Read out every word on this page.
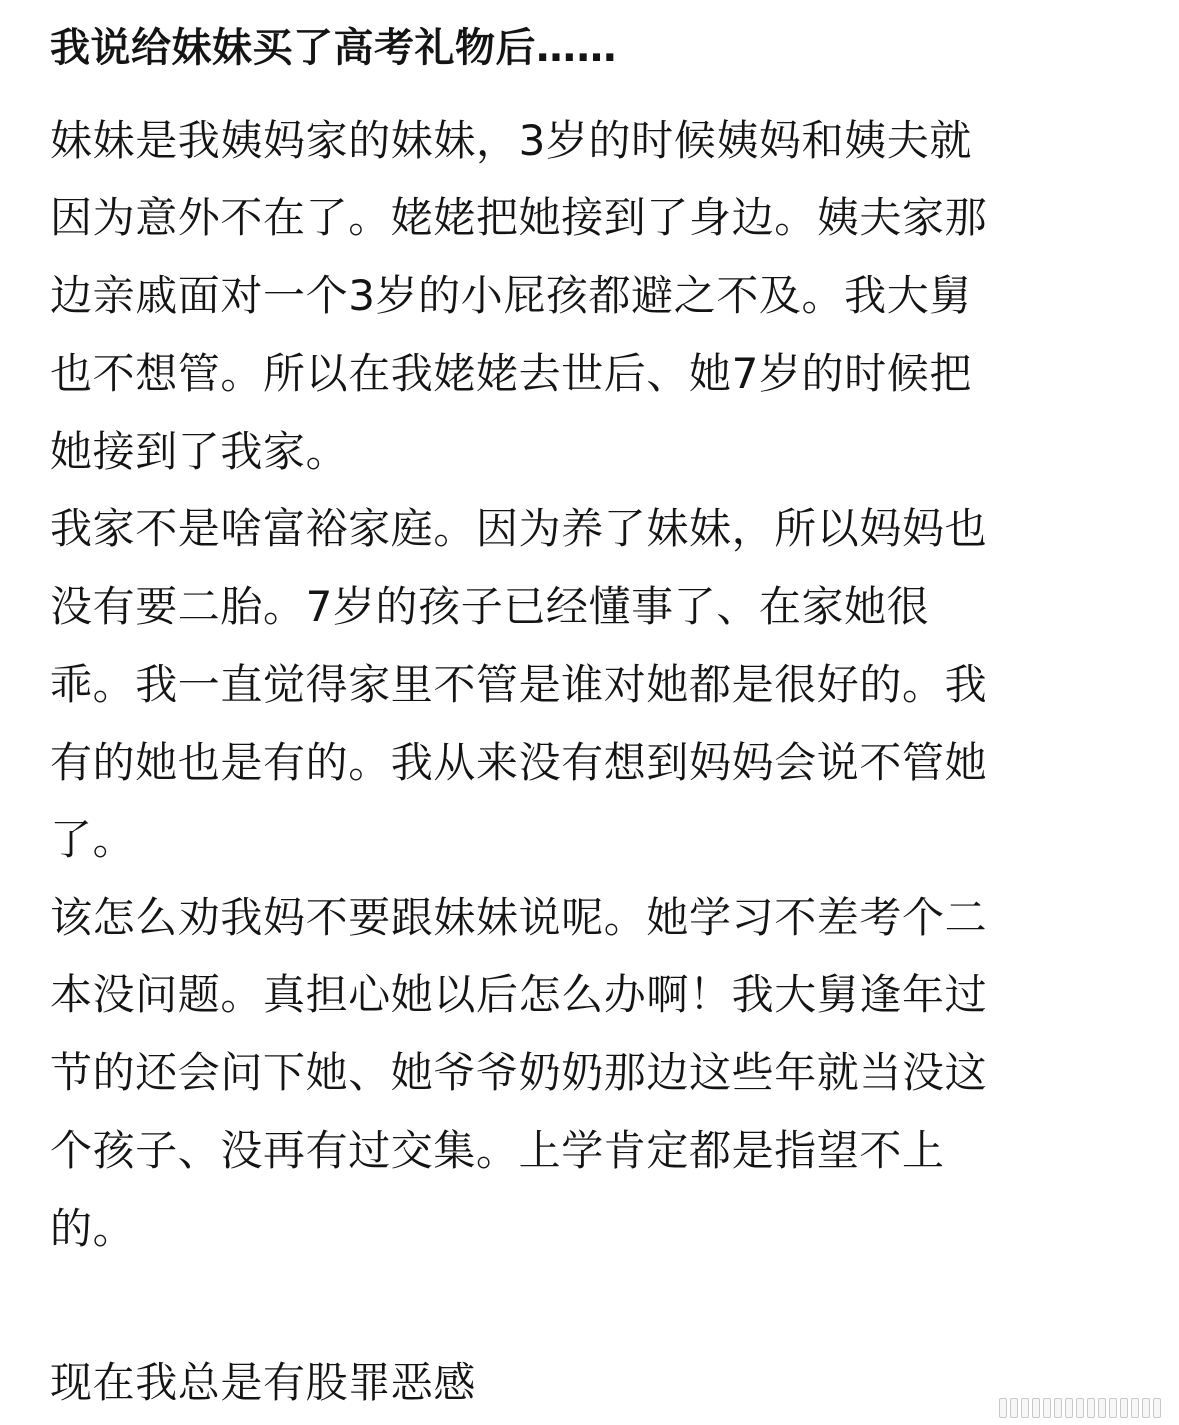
我说给妹妹买了高考礼物后……
妹妹是我姨妈家的妹妹，3岁的时候姨妈和姨夫就
因为意外不在了。姥姥把她接到了身边。姨夫家那
边亲戚面对一个3岁的小屁孩都避之不及。我大舅
也不想管。所以在我姥姥去世后、她7岁的时候把
她接到了我家。
我家不是啥富裕家庭。因为养了妹妹，所以妈妈也
没有要二胎。7岁的孩子已经懂事了、在家她很
乖。我一直觉得家里不管是谁对她都是很好的。我
有的她也是有的。我从来没有想到妈妈会说不管她
了。
该怎么劝我妈不要跟妹妹说呢。她学习不差考个二
本没问题。真担心她以后怎么办啊！我大舅逢年过
节的还会问下她、她爷爷奶奶那边这些年就当没这
个孩子、没再有过交集。上学肯定都是指望不上
的。
现在我总是有股罪恶感
